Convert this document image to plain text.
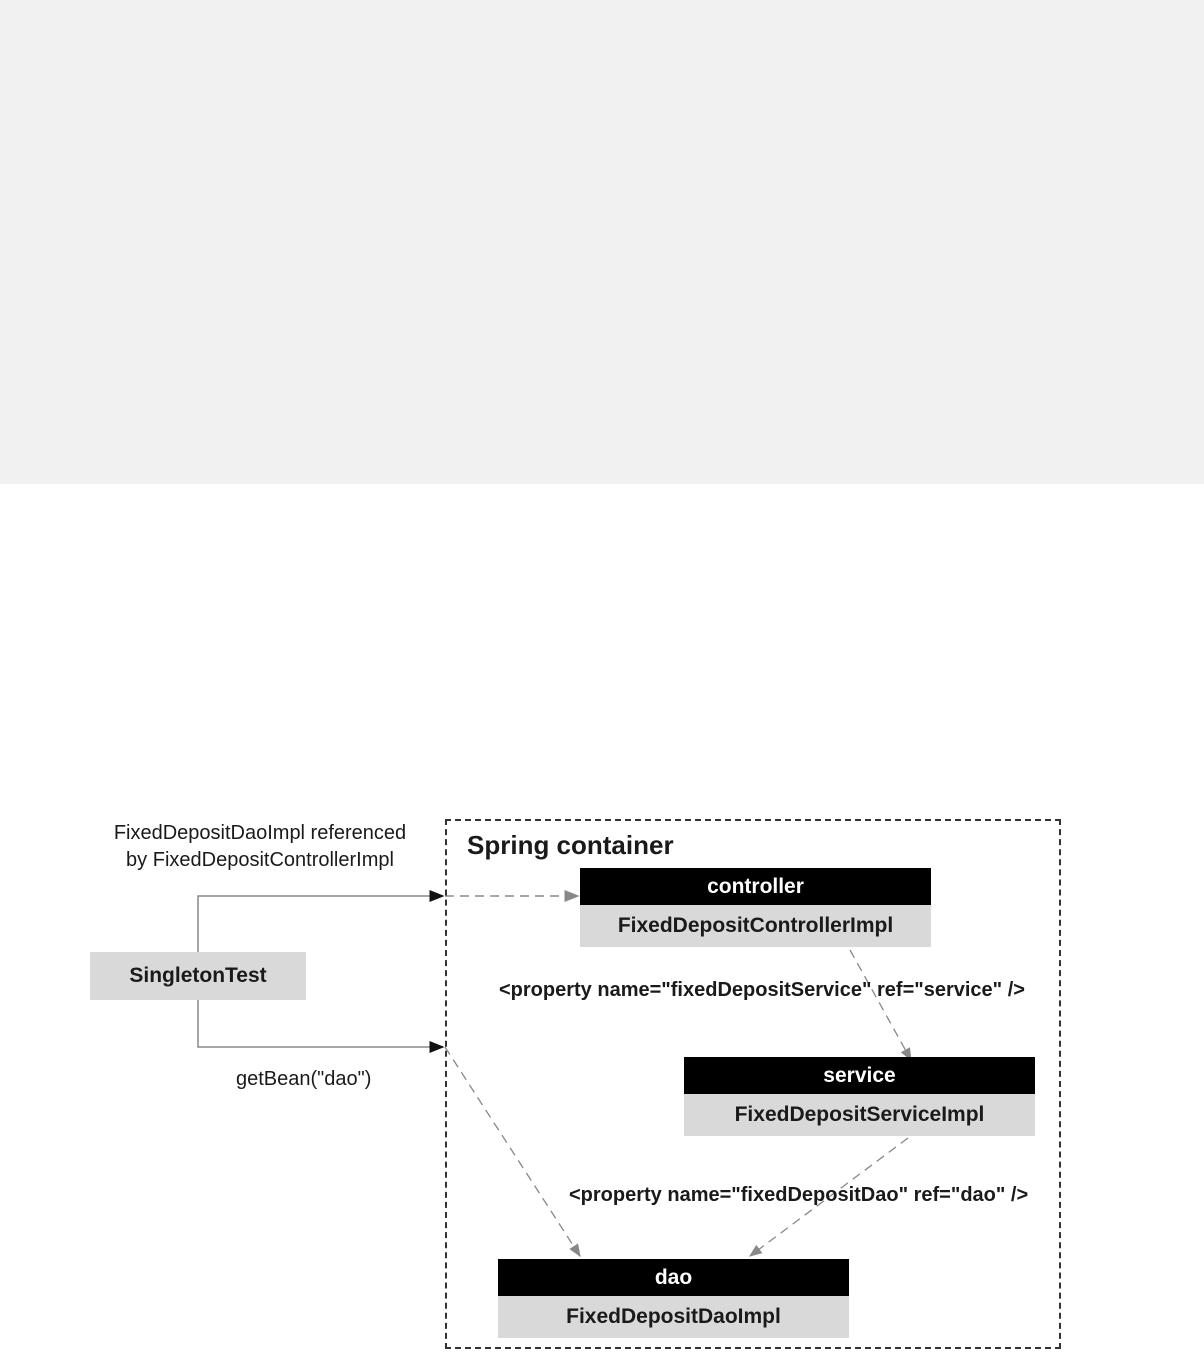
Spring container
FixedDepositDaoImpl referenced
by FixedDepositControllerImpl
SingletonTest
getBean("dao")
controller
FixedDepositControllerImpl
<property name="fixedDepositService" ref="service" />
service
FixedDepositServiceImpl
<property name="fixedDepositDao" ref="dao" />
dao
FixedDepositDaoImpl
